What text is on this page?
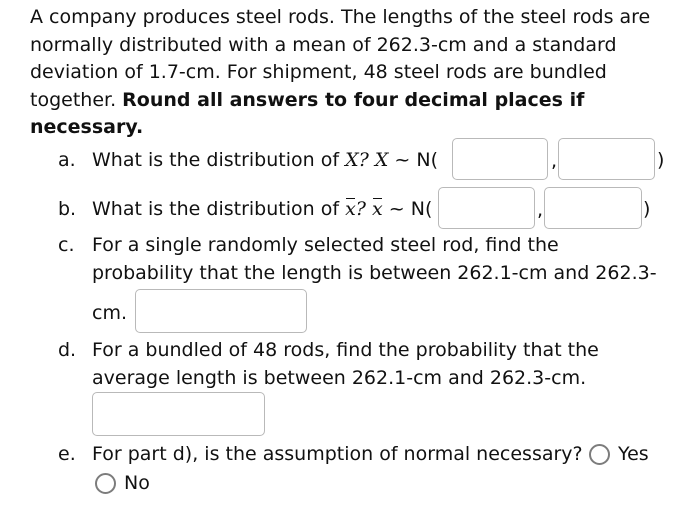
A company produces steel rods. The lengths of the steel rods are normally distributed with a mean of 262.3-cm and a standard deviation of 1.7-cm. For shipment, 48 steel rods are bundled together. Round all answers to four decimal places if necessary.
a. What is the distribution of X? X ~ N(	,	)
b. What is the distribution of x? x ~ N(	,	)
c. For a single randomly selected steel rod, find the
probability that the length is between 262.1-cm and 262.3-
cm.
d. For a bundled of 48 rods, find the probability that the
average length is between 262.1-cm and 262.3-cm.
e. For part d), is the assumption of normal necessary? Yes
No
